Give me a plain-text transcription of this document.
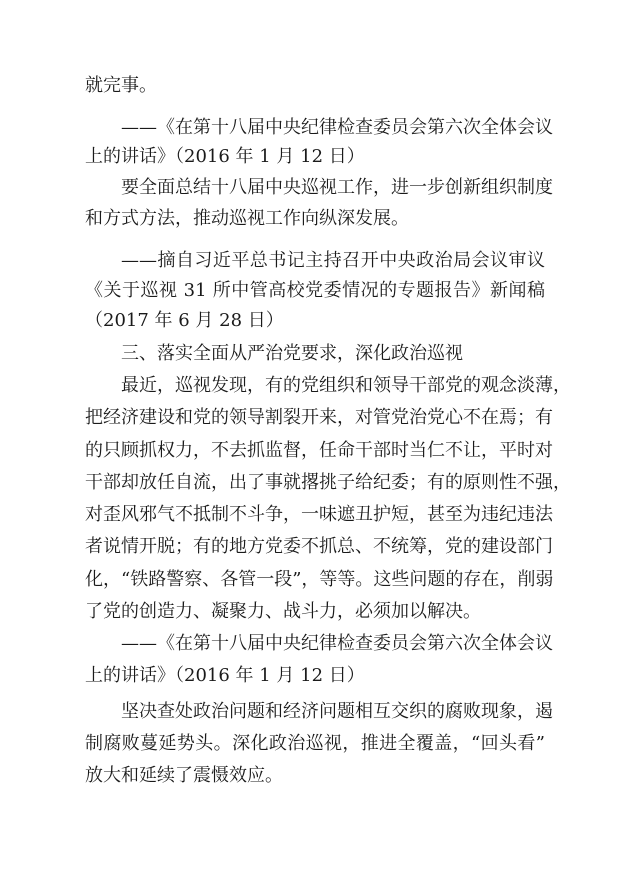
就完事。
——《在第十八届中央纪律检查委员会第六次全体会议
上的讲话》（2016 年 1 月 12 日）
要全面总结十八届中央巡视工作，进一步创新组织制度
和方式方法，推动巡视工作向纵深发展。
——摘自习近平总书记主持召开中央政治局会议审议
《关于巡视 31 所中管高校党委情况的专题报告》新闻稿
（2017 年 6 月 28 日）
三、落实全面从严治党要求，深化政治巡视
最近，巡视发现，有的党组织和领导干部党的观念淡薄，
把经济建设和党的领导割裂开来，对管党治党心不在焉；有
的只顾抓权力，不去抓监督，任命干部时当仁不让，平时对
干部却放任自流，出了事就撂挑子给纪委；有的原则性不强，
对歪风邪气不抵制不斗争，一味遮丑护短，甚至为违纪违法
者说情开脱；有的地方党委不抓总、不统筹，党的建设部门
化，“铁路警察、各管一段”，等等。这些问题的存在，削弱
了党的创造力、凝聚力、战斗力，必须加以解决。
——《在第十八届中央纪律检查委员会第六次全体会议
上的讲话》（2016 年 1 月 12 日）
坚决查处政治问题和经济问题相互交织的腐败现象，遏
制腐败蔓延势头。深化政治巡视，推进全覆盖，“回头看”
放大和延续了震慑效应。
